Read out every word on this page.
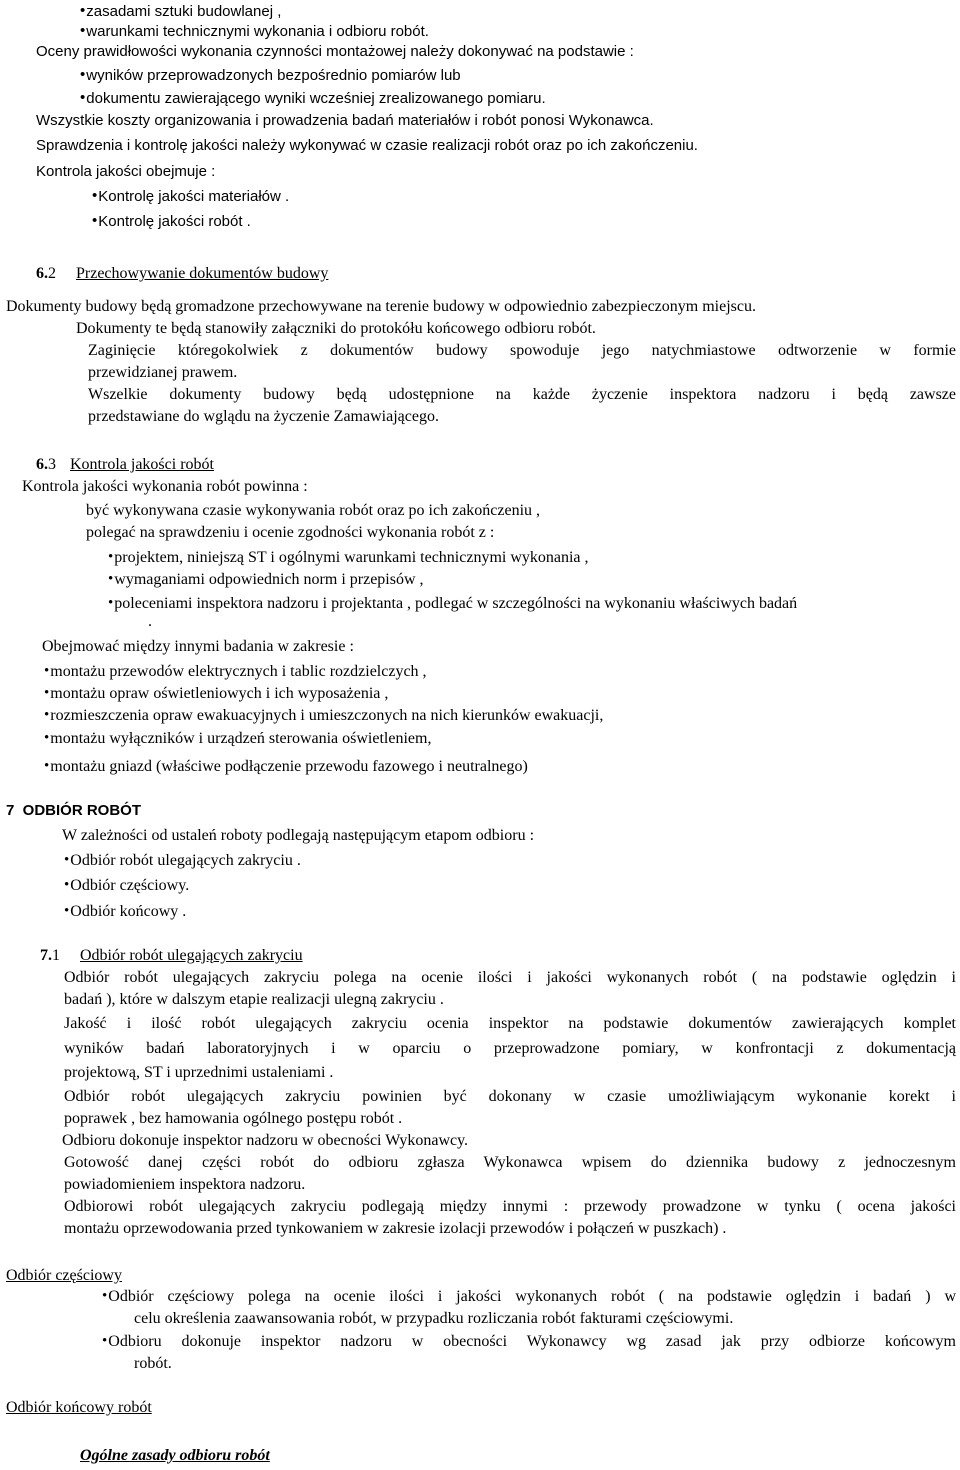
• zasadami sztuki budowlanej ,

• warunkami technicznymi wykonania i odbioru robót.

Oceny prawidłowości wykonania czynności montażowej należy dokonywać na podstawie :

• wyników przeprowadzonych bezpośrednio pomiarów lub

• dokumentu zawierającego wyniki wcześniej zrealizowanego pomiaru.

Wszystkie koszty organizowania i prowadzenia badań materiałów i robót ponosi Wykonawca.

Sprawdzenia i kontrolę jakości należy wykonywać w czasie realizacji robót oraz po ich zakończeniu.

Kontrola jakości obejmuje :

• Kontrolę jakości materiałów .

• Kontrolę jakości robót .

6.2 Przechowywanie dokumentów budowy

Dokumenty budowy będą gromadzone przechowywane na terenie budowy w odpowiednio zabezpieczonym miejscu.

Dokumenty te będą stanowiły załączniki do protokółu końcowego odbioru robót.

Zaginięcie któregokolwiek z dokumentów budowy spowoduje jego natychmiastowe odtworzenie w formie

przewidzianej prawem.

Wszelkie dokumenty budowy będą udostępnione na każde życzenie inspektora nadzoru i będą zawsze

przedstawiane do wglądu na życzenie Zamawiającego.

6.3 Kontrola jakości robót

Kontrola jakości wykonania robót powinna :

być wykonywana czasie wykonywania robót oraz po ich zakończeniu ,

polegać na sprawdzeniu i ocenie zgodności wykonania robót z :

• projektem, niniejszą ST i ogólnymi warunkami technicznymi wykonania ,

• wymaganiami odpowiednich norm i przepisów ,

• poleceniami inspektora nadzoru i projektanta , podlegać w szczególności na wykonaniu właściwych badań

.

Obejmować między innymi badania w zakresie :

• montażu przewodów elektrycznych i tablic rozdzielczych ,

• montażu opraw oświetleniowych i ich wyposażenia ,

• rozmieszczenia opraw ewakuacyjnych i umieszczonych na nich kierunków ewakuacji,

• montażu wyłączników i urządzeń sterowania oświetleniem,

• montażu gniazd (właściwe podłączenie przewodu fazowego i neutralnego)

7  ODBIÓR ROBÓT

W zależności od ustaleń roboty podlegają następującym etapom odbioru :

• Odbiór robót ulegających zakryciu .

• Odbiór częściowy.

• Odbiór końcowy .

7.1 Odbiór robót ulegających zakryciu

Odbiór robót ulegających zakryciu polega na ocenie ilości i jakości wykonanych robót ( na podstawie oględzin i

badań ), które w dalszym etapie realizacji ulegną zakryciu .

Jakość i ilość robót ulegających zakryciu ocenia inspektor na podstawie dokumentów zawierających komplet

wyników badań laboratoryjnych i w oparciu o przeprowadzone pomiary, w konfrontacji z dokumentacją

projektową, ST i uprzednimi ustaleniami .

Odbiór robót ulegających zakryciu powinien być dokonany w czasie umożliwiającym wykonanie korekt i

poprawek , bez hamowania ogólnego postępu robót .

Odbioru dokonuje inspektor nadzoru w obecności Wykonawcy.

Gotowość danej części robót do odbioru zgłasza Wykonawca wpisem do dziennika budowy z jednoczesnym

powiadomieniem inspektora nadzoru.

Odbiorowi robót ulegających zakryciu podlegają między innymi : przewody prowadzone w tynku ( ocena jakości

montażu oprzewodowania przed tynkowaniem w zakresie izolacji przewodów i połączeń w puszkach) .

Odbiór częściowy

• Odbiór częściowy polega na ocenie ilości i jakości wykonanych robót ( na podstawie oględzin i badań ) w

celu określenia zaawansowania robót, w przypadku rozliczania robót fakturami częściowymi.

• Odbioru dokonuje inspektor nadzoru w obecności Wykonawcy wg zasad jak przy odbiorze końcowym

robót.

Odbiór końcowy robót

Ogólne zasady odbioru robót
